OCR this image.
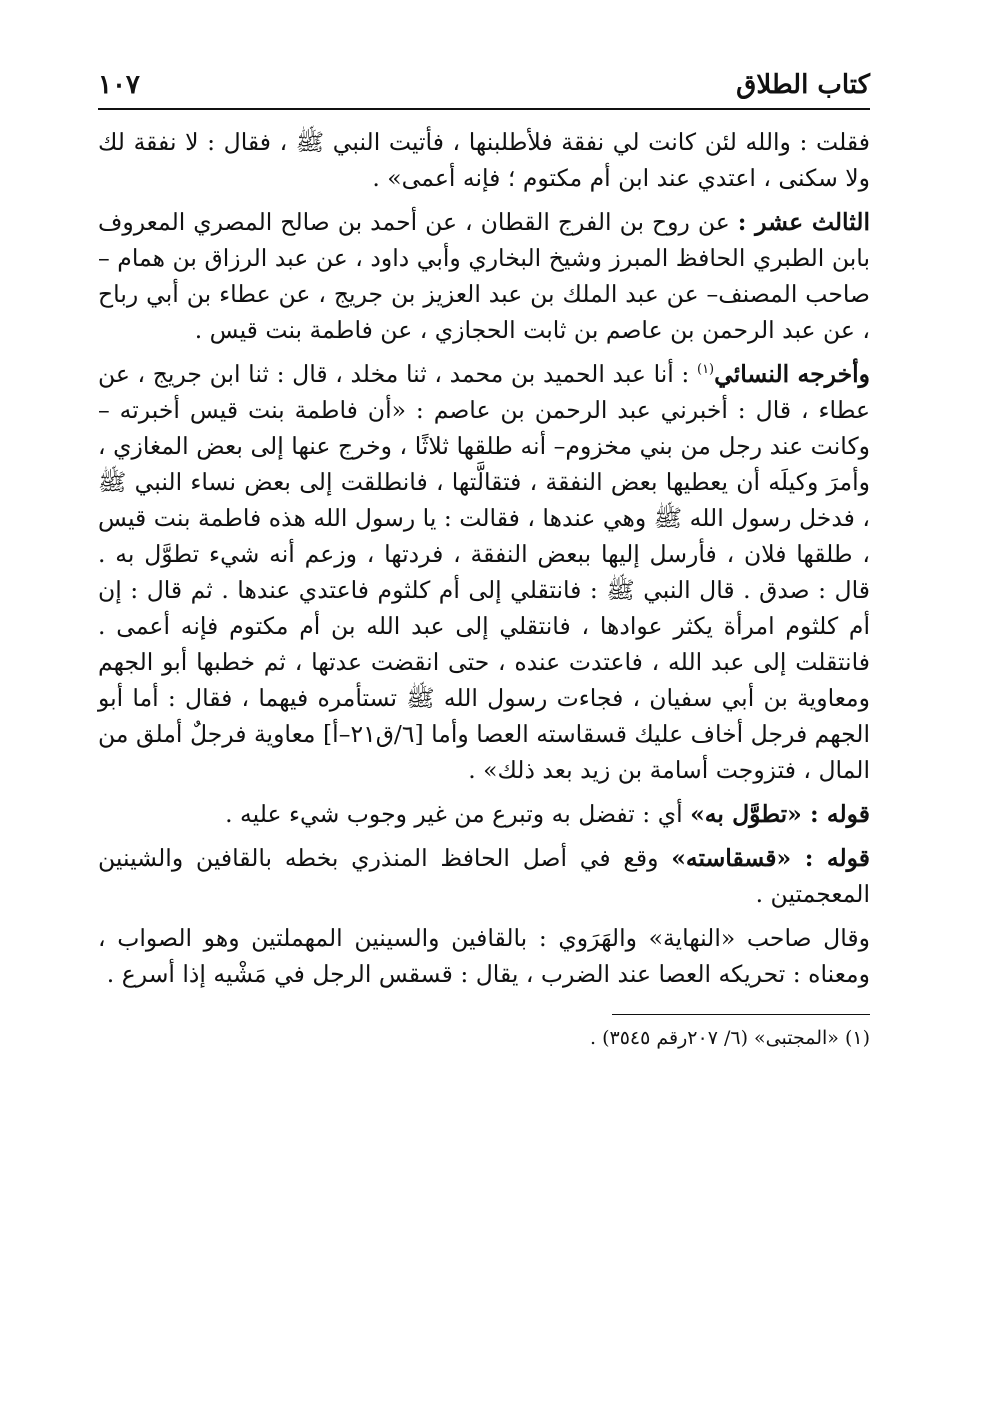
كتاب الطلاق
١٠٧

فقلت : والله لئن كانت لي نفقة فلأطلبنها ، فأتيت النبي ﷺ ، فقال : لا نفقة لك ولا سكنى ، اعتدي عند ابن أم مكتوم ؛ فإنه أعمى» .

الثالث عشر : عن روح بن الفرج القطان ، عن أحمد بن صالح المصري المعروف بابن الطبري الحافظ المبرز وشيخ البخاري وأبي داود ، عن عبد الرزاق بن همام – صاحب المصنف– عن عبد الملك بن عبد العزيز بن جريج ، عن عطاء بن أبي رباح ، عن عبد الرحمن بن عاصم بن ثابت الحجازي ، عن فاطمة بنت قيس .

وأخرجه النسائي$^{(١)}$ : أنا عبد الحميد بن محمد ، ثنا مخلد ، قال : ثنا ابن جريج ، عن عطاء ، قال : أخبرني عبد الرحمن بن عاصم : «أن فاطمة بنت قيس أخبرته – وكانت عند رجل من بني مخزوم– أنه طلقها ثلاثًا ، وخرج عنها إلى بعض المغازي ، وأمرَ وكيلَه أن يعطيها بعض النفقة ، فتقالَّتها ، فانطلقت إلى بعض نساء النبي ﷺ ، فدخل رسول الله ﷺ وهي عندها ، فقالت : يا رسول الله هذه فاطمة بنت قيس ، طلقها فلان ، فأرسل إليها ببعض النفقة ، فردتها ، وزعم أنه شيء تطوَّل به . قال : صدق . قال النبي ﷺ : فانتقلي إلى أم كلثوم فاعتدي عندها . ثم قال : إن أم كلثوم امرأة يكثر عوادها ، فانتقلي إلى عبد الله بن أم مكتوم فإنه أعمى . فانتقلت إلى عبد الله ، فاعتدت عنده ، حتى انقضت عدتها ، ثم خطبها أبو الجهم ومعاوية بن أبي سفيان ، فجاءت رسول الله ﷺ تستأمره فيهما ، فقال : أما أبو الجهم فرجل أخاف عليك قسقاسته العصا وأما [٦/ق٢١–أ] معاوية فرجلٌ أملق من المال ، فتزوجت أسامة بن زيد بعد ذلك» .

قوله : «تطوَّل به» أي : تفضل به وتبرع من غير وجوب شيء عليه .

قوله : «قسقاسته» وقع في أصل الحافظ المنذري بخطه بالقافين والشينين المعجمتين .

وقال صاحب «النهاية» والهَرَوي : بالقافين والسينين المهملتين وهو الصواب ، ومعناه : تحريكه العصا عند الضرب ، يقال : قسقس الرجل في مَشْيه إذا أسرع .

(١) «المجتبى» (٦/ ٢٠٧رقم ٣٥٤٥) .
